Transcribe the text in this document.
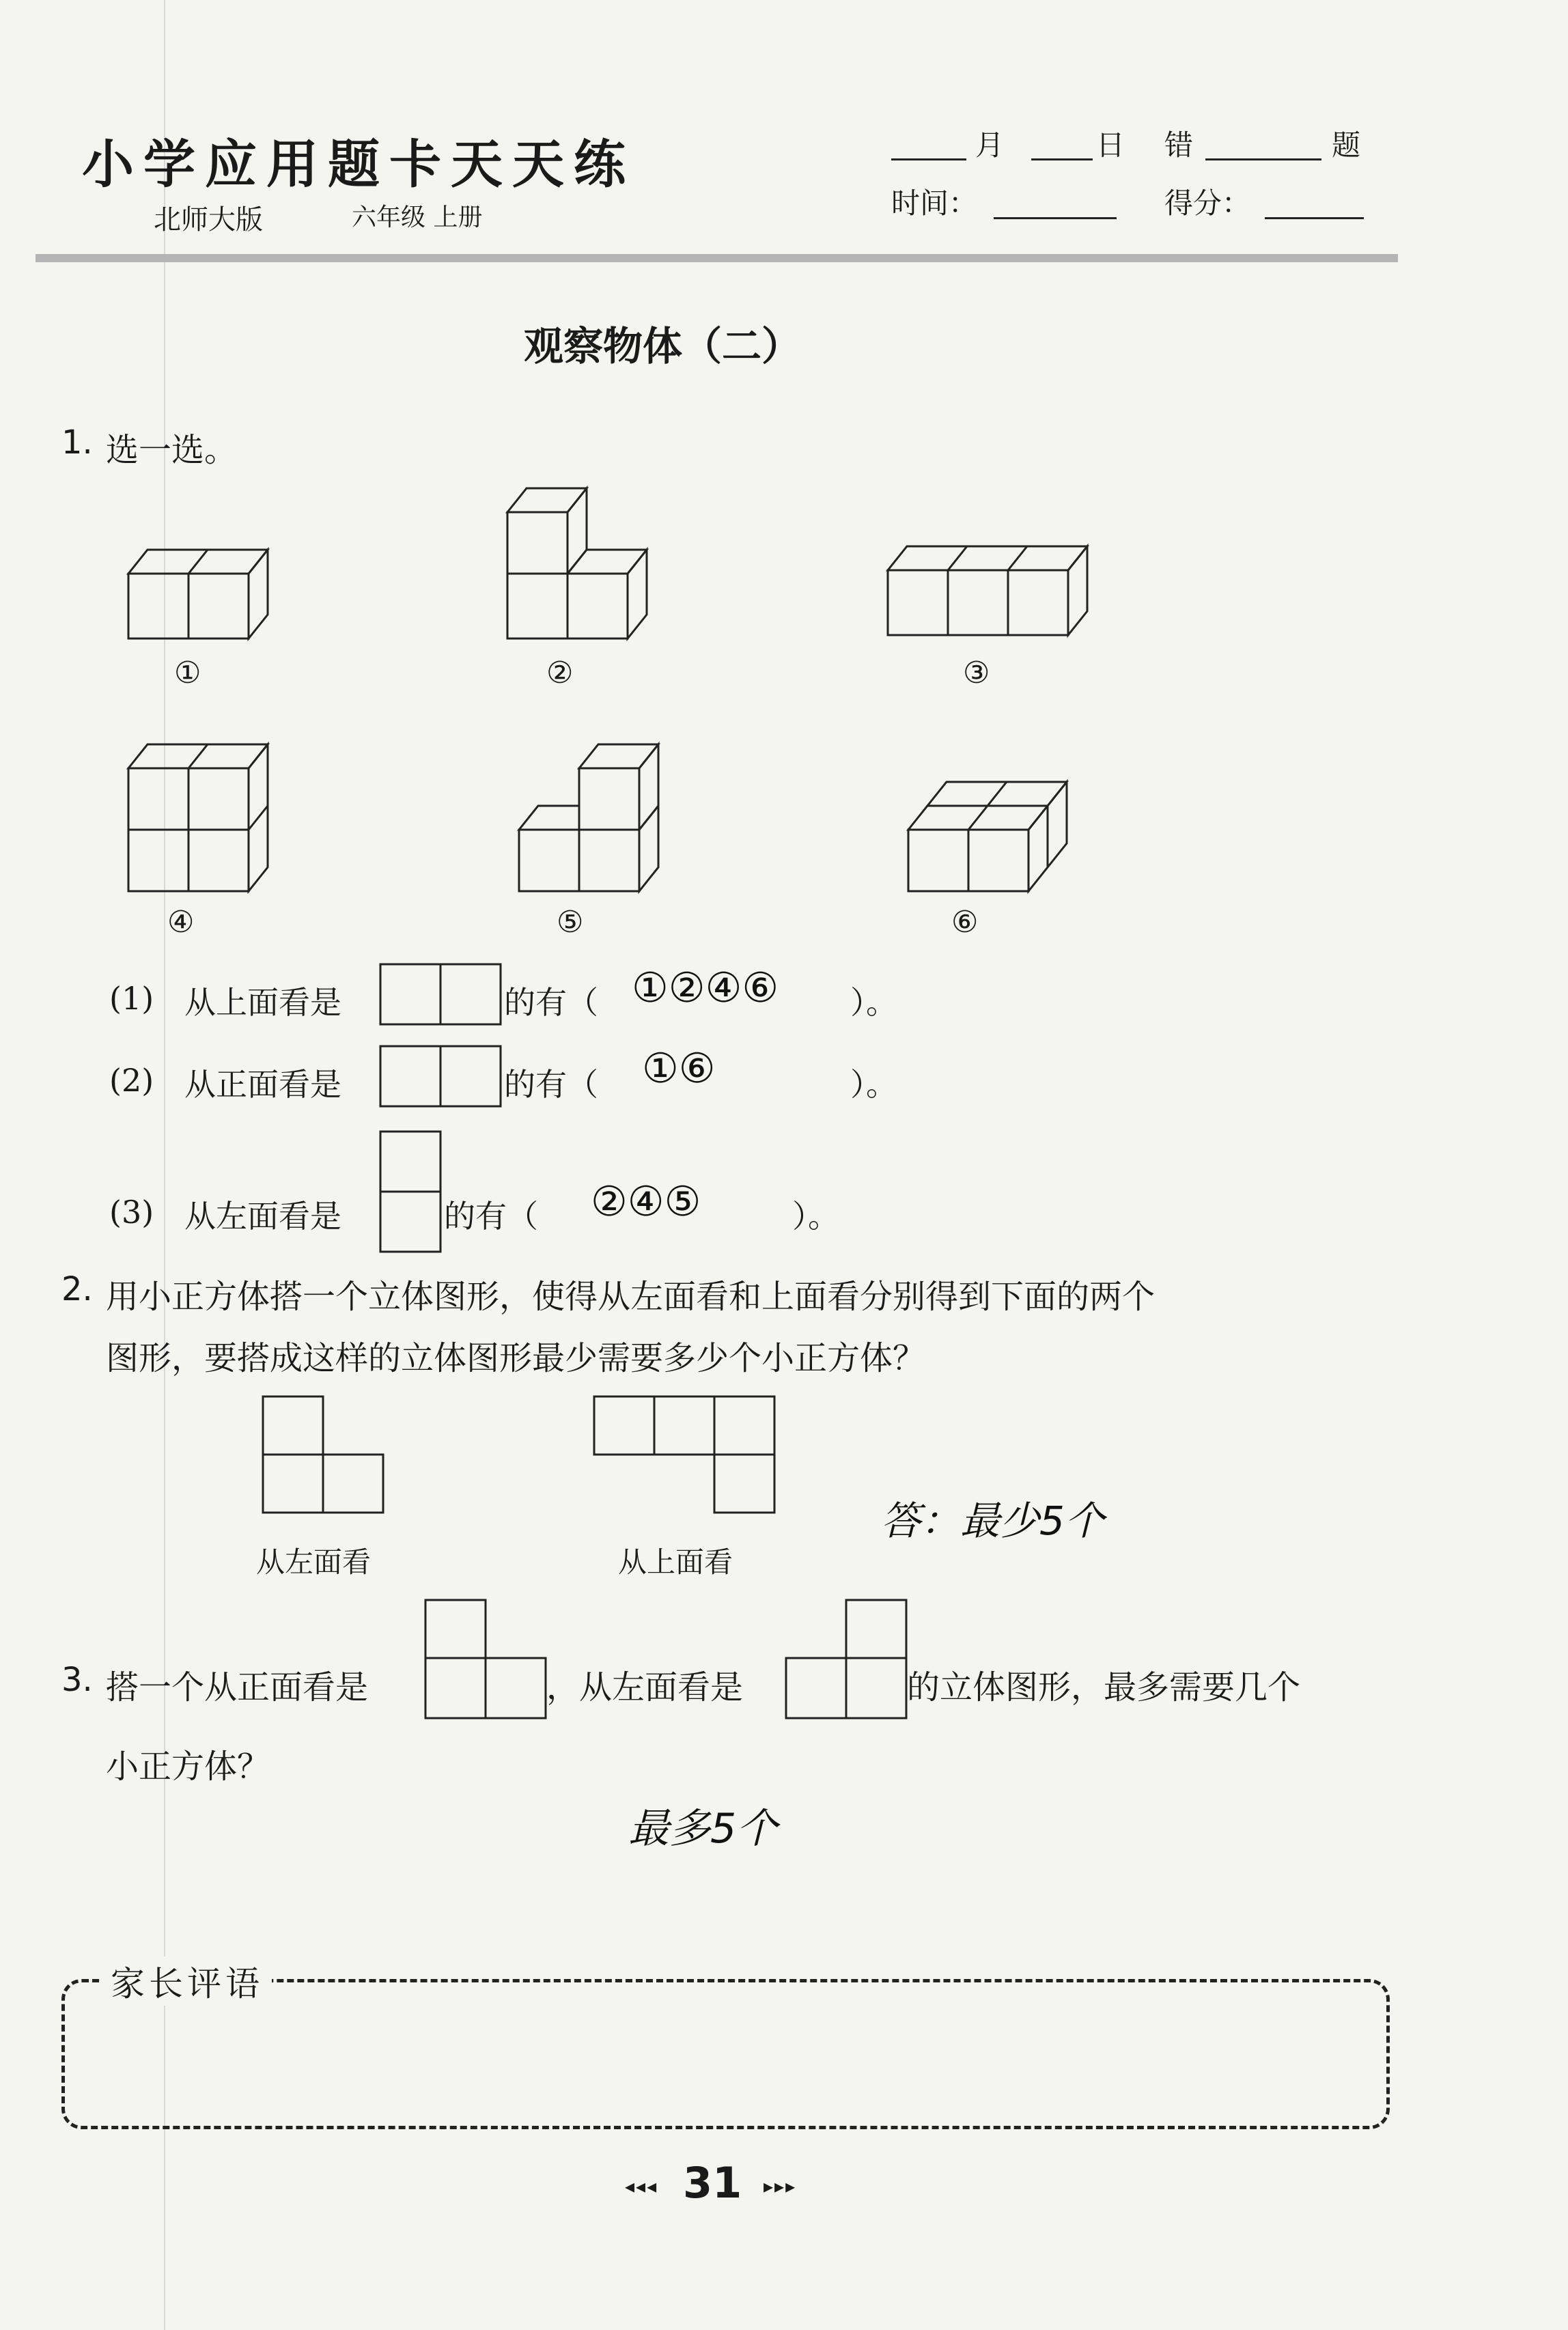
小学应用题卡天天练
北师大版	六年级 上册
月	日 错	题
时间：	得分：
观察物体（二）
1. 选一选。
①	②	③
④	⑤	⑥
(1) 从上面看是	的有（ ①②④⑥ ）。
(2) 从正面看是	的有（ ①⑥	）。
(3) 从左面看是	的有（ ②④⑤	）。
2. 用小正方体搭一个立体图形，使得从左面看和上面看分别得到下面的两个
图形，要搭成这样的立体图形最少需要多少个小正方体？
从左面看	从上面看
答：最少5个
3. 搭一个从正面看是	，从左面看是	的立体图形，最多需要几个
小正方体？
最多5个
家长评语
◂◂◂ 31 ▸▸▸
